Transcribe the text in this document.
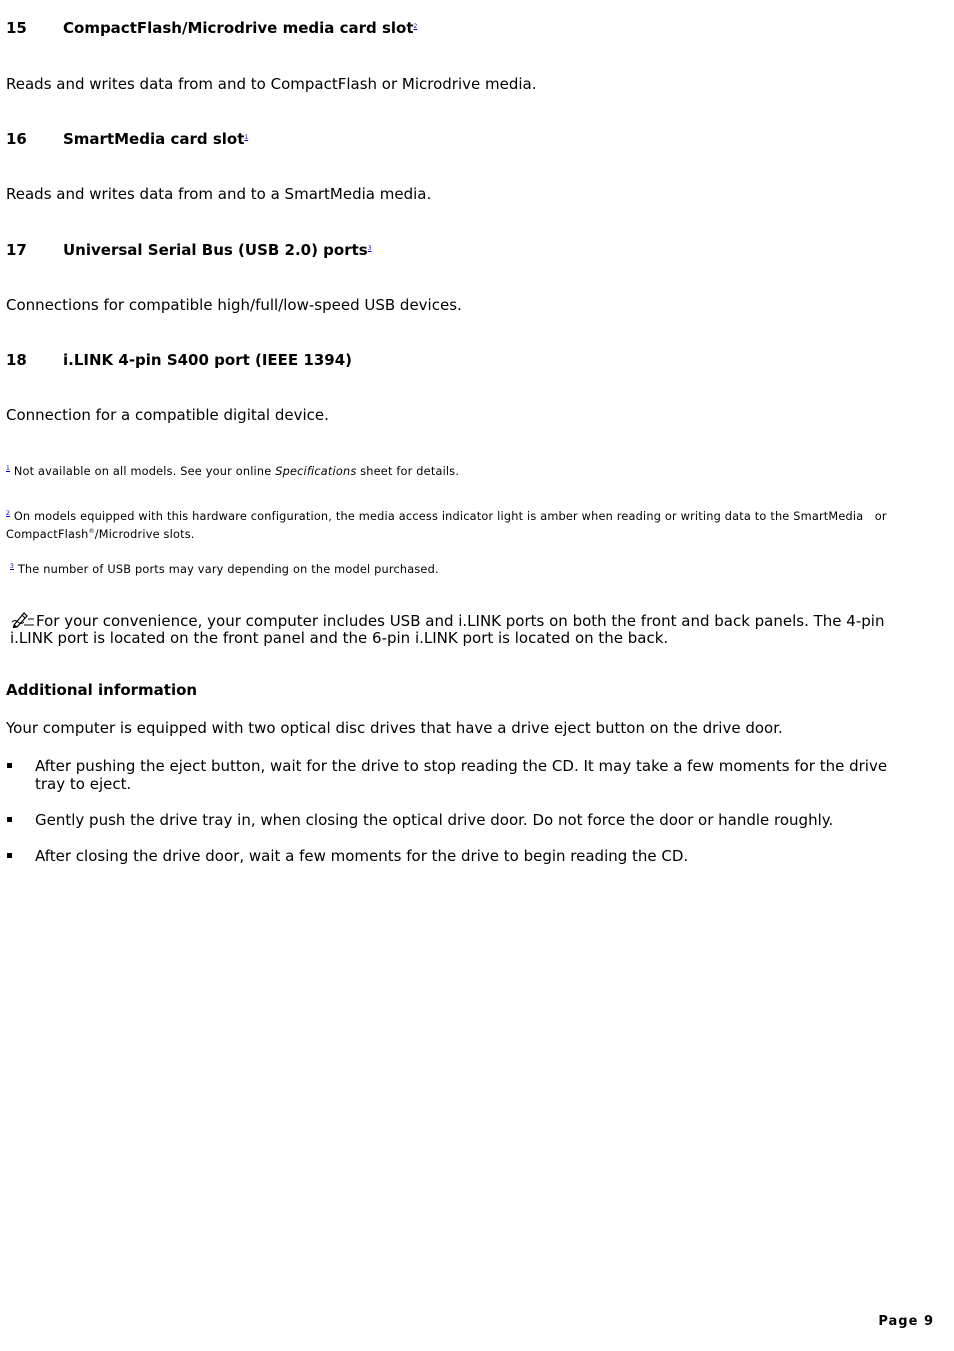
15 CompactFlash/Microdrive media card slot$^2$
Reads and writes data from and to CompactFlash or Microdrive media.
16 SmartMedia card slot$^1$
Reads and writes data from and to a SmartMedia media.
17 Universal Serial Bus (USB 2.0) ports$^3$
Connections for compatible high/full/low-speed USB devices.
18 i.LINK 4-pin S400 port (IEEE 1394)
Connection for a compatible digital device.
$^1$ Not available on all models. See your online Specifications sheet for details.
$^2$ On models equipped with this hardware configuration, the media access indicator light is amber when reading or writing data to the SmartMedia   or
CompactFlash®/Microdrive slots.
$^3$ The number of USB ports may vary depending on the model purchased.
For your convenience, your computer includes USB and i.LINK ports on both the front and back panels. The 4-pin i.LINK port is located on the front panel and the 6-pin i.LINK port is located on the back.
Additional information
Your computer is equipped with two optical disc drives that have a drive eject button on the drive door.
After pushing the eject button, wait for the drive to stop reading the CD. It may take a few moments for the drive tray to eject.
Gently push the drive tray in, when closing the optical drive door. Do not force the door or handle roughly.
After closing the drive door, wait a few moments for the drive to begin reading the CD.
Page 9
